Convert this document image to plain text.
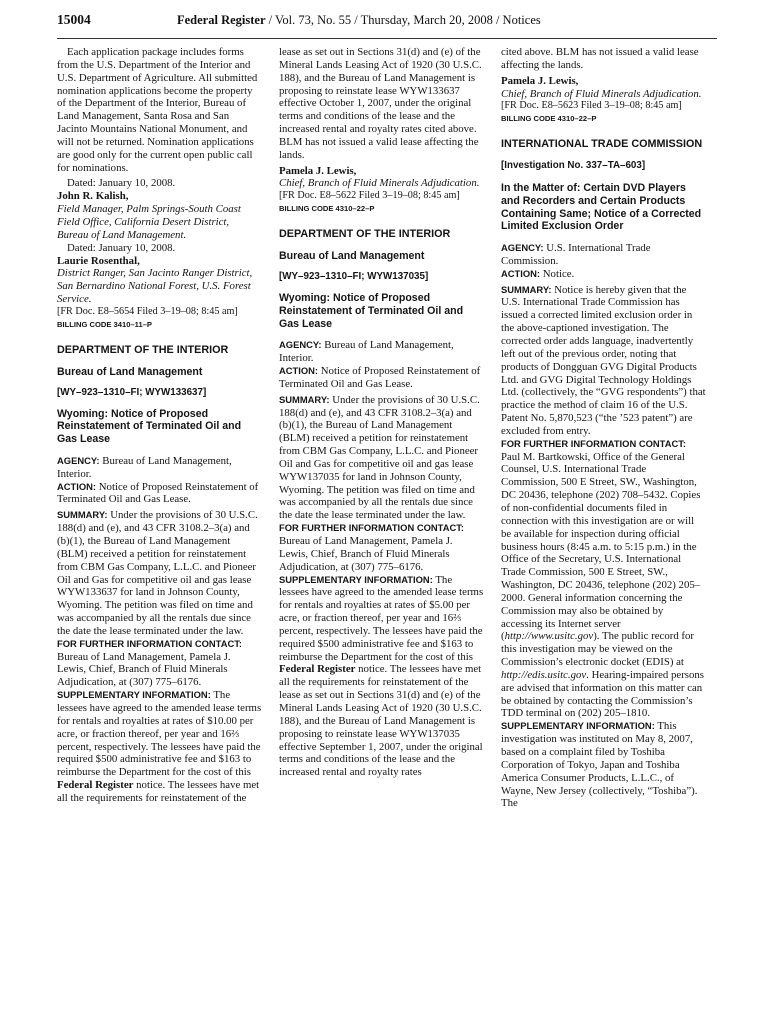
15004	Federal Register / Vol. 73, No. 55 / Thursday, March 20, 2008 / Notices

Each application package includes forms from the U.S. Department of the Interior and U.S. Department of Agriculture. All submitted nomination applications become the property of the Department of the Interior, Bureau of Land Management, Santa Rosa and San Jacinto Mountains National Monument, and will not be returned. Nomination applications are good only for the current open public call for nominations.

Dated: January 10, 2008.

John R. Kalish,

Field Manager, Palm Springs-South Coast Field Office, California Desert District, Bureau of Land Management.

Dated: January 10, 2008.

Laurie Rosenthal,

District Ranger, San Jacinto Ranger District, San Bernardino National Forest, U.S. Forest Service.

[FR Doc. E8–5654 Filed 3–19–08; 8:45 am]

BILLING CODE 3410–11–P

DEPARTMENT OF THE INTERIOR

Bureau of Land Management

[WY–923–1310–FI; WYW133637]

Wyoming: Notice of Proposed Reinstatement of Terminated Oil and Gas Lease

AGENCY: Bureau of Land Management, Interior.

ACTION: Notice of Proposed Reinstatement of Terminated Oil and Gas Lease.

SUMMARY: Under the provisions of 30 U.S.C. 188(d) and (e), and 43 CFR 3108.2–3(a) and (b)(1), the Bureau of Land Management (BLM) received a petition for reinstatement from CBM Gas Company, L.L.C. and Pioneer Oil and Gas for competitive oil and gas lease WYW133637 for land in Johnson County, Wyoming. The petition was filed on time and was accompanied by all the rentals due since the date the lease terminated under the law.

FOR FURTHER INFORMATION CONTACT:

Bureau of Land Management, Pamela J. Lewis, Chief, Branch of Fluid Minerals Adjudication, at (307) 775–6176.

SUPPLEMENTARY INFORMATION: The lessees have agreed to the amended lease terms for rentals and royalties at rates of $10.00 per acre, or fraction thereof, per year and 16⅔ percent, respectively. The lessees have paid the required $500 administrative fee and $163 to reimburse the Department for the cost of this Federal Register notice. The lessees have met all the requirements for reinstatement of the

lease as set out in Sections 31(d) and (e) of the Mineral Lands Leasing Act of 1920 (30 U.S.C. 188), and the Bureau of Land Management is proposing to reinstate lease WYW133637 effective October 1, 2007, under the original terms and conditions of the lease and the increased rental and royalty rates cited above. BLM has not issued a valid lease affecting the lands.

Pamela J. Lewis,

Chief, Branch of Fluid Minerals Adjudication.

[FR Doc. E8–5622 Filed 3–19–08; 8:45 am]

BILLING CODE 4310–22–P

DEPARTMENT OF THE INTERIOR

Bureau of Land Management

[WY–923–1310–FI; WYW137035]

Wyoming: Notice of Proposed Reinstatement of Terminated Oil and Gas Lease

AGENCY: Bureau of Land Management, Interior.

ACTION: Notice of Proposed Reinstatement of Terminated Oil and Gas Lease.

SUMMARY: Under the provisions of 30 U.S.C. 188(d) and (e), and 43 CFR 3108.2–3(a) and (b)(1), the Bureau of Land Management (BLM) received a petition for reinstatement from CBM Gas Company, L.L.C. and Pioneer Oil and Gas for competitive oil and gas lease WYW137035 for land in Johnson County, Wyoming. The petition was filed on time and was accompanied by all the rentals due since the date the lease terminated under the law.

FOR FURTHER INFORMATION CONTACT:

Bureau of Land Management, Pamela J. Lewis, Chief, Branch of Fluid Minerals Adjudication, at (307) 775–6176.

SUPPLEMENTARY INFORMATION: The lessees have agreed to the amended lease terms for rentals and royalties at rates of $5.00 per acre, or fraction thereof, per year and 16⅔ percent, respectively. The lessees have paid the required $500 administrative fee and $163 to reimburse the Department for the cost of this Federal Register notice. The lessees have met all the requirements for reinstatement of the lease as set out in Sections 31(d) and (e) of the Mineral Lands Leasing Act of 1920 (30 U.S.C. 188), and the Bureau of Land Management is proposing to reinstate lease WYW137035 effective September 1, 2007, under the original terms and conditions of the lease and the increased rental and royalty rates

cited above. BLM has not issued a valid lease affecting the lands.

Pamela J. Lewis,

Chief, Branch of Fluid Minerals Adjudication.

[FR Doc. E8–5623 Filed 3–19–08; 8:45 am]

BILLING CODE 4310–22–P

INTERNATIONAL TRADE COMMISSION

[Investigation No. 337–TA–603]

In the Matter of: Certain DVD Players and Recorders and Certain Products Containing Same; Notice of a Corrected Limited Exclusion Order

AGENCY: U.S. International Trade Commission.

ACTION: Notice.

SUMMARY: Notice is hereby given that the U.S. International Trade Commission has issued a corrected limited exclusion order in the above-captioned investigation. The corrected order adds language, inadvertently left out of the previous order, noting that products of Dongguan GVG Digital Products Ltd. and GVG Digital Technology Holdings Ltd. (collectively, the “GVG respondents”) that practice the method of claim 16 of the U.S. Patent No. 5,870,523 (“the ’523 patent”) are excluded from entry.

FOR FURTHER INFORMATION CONTACT: Paul M. Bartkowski, Office of the General Counsel, U.S. International Trade Commission, 500 E Street, SW., Washington, DC 20436, telephone (202) 708–5432. Copies of non-confidential documents filed in connection with this investigation are or will be available for inspection during official business hours (8:45 a.m. to 5:15 p.m.) in the Office of the Secretary, U.S. International Trade Commission, 500 E Street, SW., Washington, DC 20436, telephone (202) 205–2000. General information concerning the Commission may also be obtained by accessing its Internet server (http://www.usitc.gov). The public record for this investigation may be viewed on the Commission’s electronic docket (EDIS) at http://edis.usitc.gov. Hearing-impaired persons are advised that information on this matter can be obtained by contacting the Commission’s TDD terminal on (202) 205–1810.

SUPPLEMENTARY INFORMATION: This investigation was instituted on May 8, 2007, based on a complaint filed by Toshiba Corporation of Tokyo, Japan and Toshiba America Consumer Products, L.L.C., of Wayne, New Jersey (collectively, “Toshiba”). The
